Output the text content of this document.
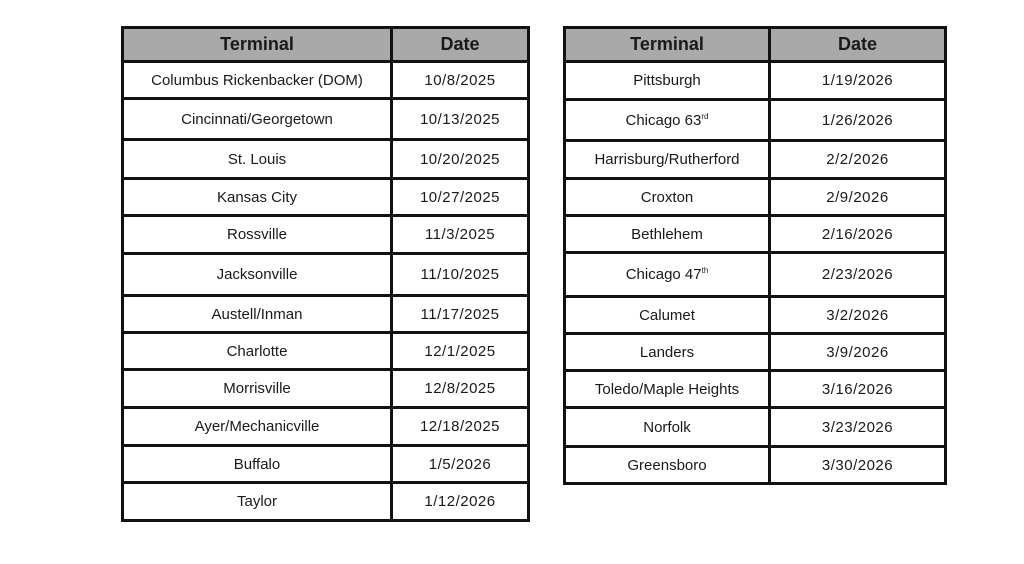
Terminal	Date
Columbus Rickenbacker (DOM)	10/8/2025
Cincinnati/Georgetown	10/13/2025
St. Louis	10/20/2025
Kansas City	10/27/2025
Rossville	11/3/2025
Jacksonville	11/10/2025
Austell/Inman	11/17/2025
Charlotte	12/1/2025
Morrisville	12/8/2025
Ayer/Mechanicville	12/18/2025
Buffalo	1/5/2026
Taylor	1/12/2026
Terminal	Date
Pittsburgh	1/19/2026
Chicago 63rd	1/26/2026
Harrisburg/Rutherford	2/2/2026
Croxton	2/9/2026
Bethlehem	2/16/2026
Chicago 47th	2/23/2026
Calumet	3/2/2026
Landers	3/9/2026
Toledo/Maple Heights	3/16/2026
Norfolk	3/23/2026
Greensboro	3/30/2026
